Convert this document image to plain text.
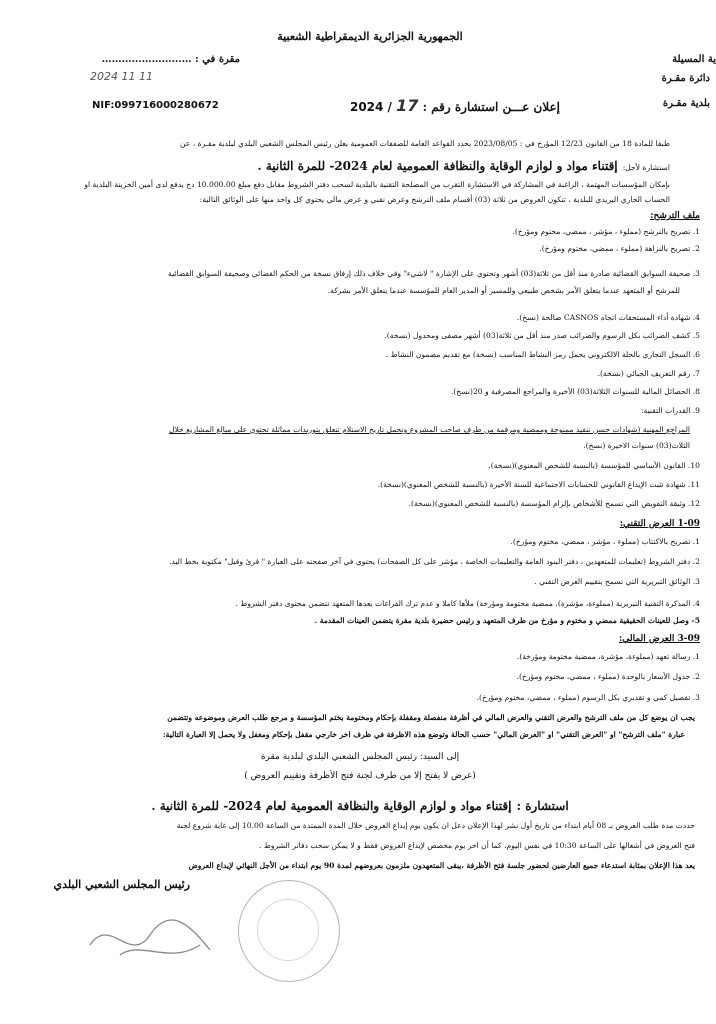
الجمهورية الجزائرية الديمقراطية الشعبية
ية المسيلة
دائرة مقـرة
بلدية مقـرة
مقرة في : ………………………
2024 11 11
NIF:099716000280672	إعلان عـــن استشارة رقم : 17 / 2024
طبقا للمادة 18 من القانون 12/23 المؤرخ في : 2023/08/05 يحدد القواعد العامة للصفقات العمومية يعلن رئيس المجلس الشعبي البلدي لبلدية مقـرة ، عن
استشارة لأجل: إقتناء مواد و لوازم الوقاية والنظافة العمومية لعام 2024- للمرة الثانية .
بإمكان المؤسسات المهتمة ، الراغبة في المشاركة في الاستشارة التقرب من المصلحة التقنية بالبلدية لسحب دفتر الشروط مقابل دفع مبلغ 10.000.00 دج يدفع لدى أمين الخزينة البلدية او
الحساب الجاري البريدي للبلدية ، تتكون العروض من ثلاثة (03) أقسام ملف الترشح وعرض تقني و عرض مالي يحتوي كل واحد منها على الوثائق التالية:
ملف الترشح:
1. تصريح بالترشح (مملوء ، مؤشر ، ممضي، مختوم ومؤرخ).
2. تصريح بالنزاهة (مملوء ، ممضي، مختوم ومؤرخ).
3. صحيفة السوابق القضائية صادرة منذ أقل من ثلاثة(03) أشهر وتحتوي على الإشارة " لاشيء" وفي خلاف ذلك إرفاق نسخة من الحكم القضائي وصحيفة السوابق القضائية
للمرشح أو المتعهد عندما يتعلق الأمر بشخص طبيعي وللمسير أو المدير العام للمؤسسة عندما يتعلق الأمر بشركة.
4. شهادة أداء المستحقات اتجاه CASNOS صالحة (نسخ).
5. كشف الضرائب بكل الرسوم والضرائب صدر منذ أقل من ثلاثة(03) أشهر مصفى ومحدول (نسخة).
6. السجل التجاري بالحلة الالكتروني يحمل رمز النشاط المناسب (نسخة) مع تقديم مضمون النشاط .
7. رقم التعريف الجبائي (نسخة).
8. الحصائل المالية للسنوات الثلاثة(03) الأخيرة والمراجع المصرفية و 20(نسخ).
9. القدرات التقنية:
المراجع المهنية (شهادات حسن تنفيذ ممنوحة وممضية ومرقمة من طرف صاحب المشروع وتحمل تاريخ الاستلام تتعلق بتوريدات مماثلة تحتوي على مبالغ المشاريع خلال
الثلاث(03) سنوات الاخيرة (نسخ).
10. القانون الأساسي للمؤسسة (بالنسبة للشخص المعنوي)(نسخة).
11. شهادة تثبت الإيداع القانوني للحسابات الاجتماعية للسنة الأخيرة (بالنسبة للشخص المعنوي)(نسخة).
12. وثيقة التفويض التي تسمح للأشخاص بإلزام المؤسسة (بالنسبة للشخص المعنوي)(نسخة).
1-09 العرض التقني:
1. تصريح بالاكتتاب (مملوء ، مؤشر ، ممضي، مختوم ومؤرخ).
2. دفتر الشروط (تعليمات للمتعهدين ، دفتر البنود العامة والتعليمات الخاصة ، مؤشر على كل الصفحات) يحتوي في آخر صفحته على العبارة " قرئ وقبل" مكتوبة بخط اليد.
3. الوثائق التبريرية التي تسمح بتقييم العرض التقني .
4. المذكرة التقنية التبريرية (مملوءة، مؤشرة)، ممضية مختومة ومؤرخة) ملأها كاملا و عدم ترك الفراغات يعدها المتعهد تتضمن محتوى دفتر الشروط .
5- وصل للعينات الحقيقية ممضي و مختوم و مؤرخ من طرف المتعهد و رئيس حضيرة بلدية مقرة يتضمن العينات المقدمة .
3-09 العرض المالي:
1. رسالة تعهد (مملوءة، مؤشرة، ممضية مختومة ومؤرخة).
2. جدول الأسعار بالوحدة (مملوء ، ممضي، مختوم ومؤرخ).
3. تفصيل كمي و تقديري بكل الرسوم (مملوء ، ممضي، مختوم ومؤرخ).
يجب ان يوضع كل من ملف الترشح والعرض التقني والعرض المالي في أظرفة منفصلة ومقفلة بإحكام ومختومة بختم المؤسسة و مرجع طلب العرض وموضوعه وتتضمن
عبارة "ملف الترشح" او "العرض التقني" او "العرض المالي" حسب الحالة وتوضع هذه الاظرفة في ظرف اخر خارجي مقفل بإحكام ومغفل ولا يحمل إلا العبارة التالية:
إلى السيد: رئيس المجلس الشعبي البلدي لبلدية مقرة
(عرض لا يفتح إلا من طرف لجنة فتح الأظرفة وتقييم العروض )
استشارة : إقتناء مواد و لوازم الوقاية والنظافة العمومية لعام 2024- للمرة الثانية .
حددت مدة طلب العروض بـ 08 أيام ابتداء من تاريخ أول نشر لهذا الإعلان دعل ان يكون يوم إيداع العروض خلال المدة الممتدة من الساعة 10.00 إلى غاية شروع لجنة
فتح العروض في أشغالها على الساعة 10:30 في نفس اليوم، كما أن اخر يوم مخصص لإيداع العروض فقط و لا يمكن سحب دفاتر الشروط .
يعد هذا الإعلان بمثابة استدعاء جميع العارضين لحضور جلسة فتح الأظرفة ،يبقى المتعهدون ملزمون بعروضهم لمدة 90 يوم ابتداء من الأجل النهائي لإيداع العروض
رئيس المجلس الشعبي البلدي
